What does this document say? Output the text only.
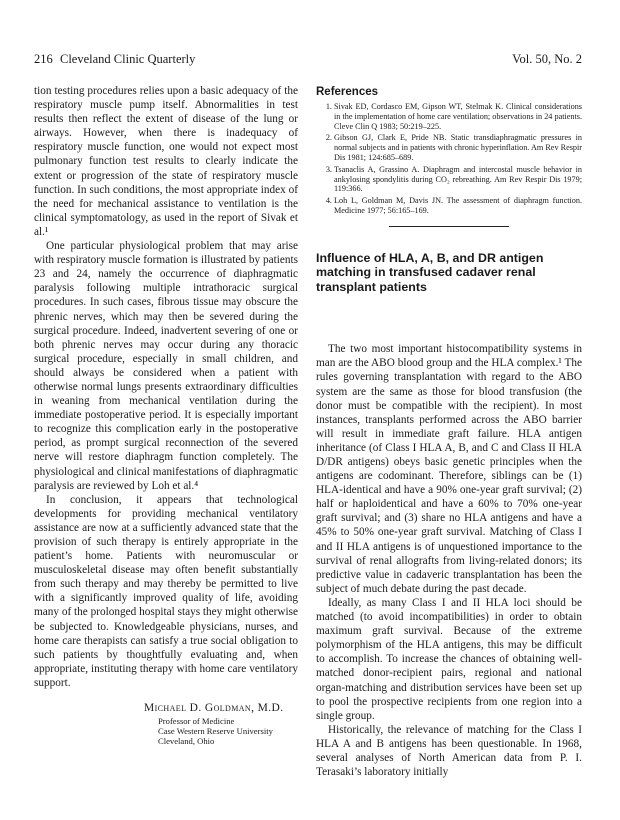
216 Cleveland Clinic Quarterly	Vol. 50, No. 2

tion testing procedures relies upon a basic adequacy of the respiratory muscle pump itself. Abnormalities in test results then reflect the extent of disease of the lung or airways. However, when there is inadequacy of respiratory muscle function, one would not expect most pulmonary function test results to clearly indicate the extent or progression of the state of respiratory muscle function. In such conditions, the most appropriate index of the need for mechanical assistance to ventilation is the clinical symptomatology, as used in the report of Sivak et al.¹

One particular physiological problem that may arise with respiratory muscle formation is illustrated by patients 23 and 24, namely the occurrence of diaphragmatic paralysis following multiple intrathoracic surgical procedures. In such cases, fibrous tissue may obscure the phrenic nerves, which may then be severed during the surgical procedure. Indeed, inadvertent severing of one or both phrenic nerves may occur during any thoracic surgical procedure, especially in small children, and should always be considered when a patient with otherwise normal lungs presents extraordinary difficulties in weaning from mechanical ventilation during the immediate postoperative period. It is especially important to recognize this complication early in the postoperative period, as prompt surgical reconnection of the severed nerve will restore diaphragm function completely. The physiological and clinical manifestations of diaphragmatic paralysis are reviewed by Loh et al.⁴

In conclusion, it appears that technological developments for providing mechanical ventilatory assistance are now at a sufficiently advanced state that the provision of such therapy is entirely appropriate in the patient’s home. Patients with neuromuscular or musculoskeletal disease may often benefit substantially from such therapy and may thereby be permitted to live with a significantly improved quality of life, avoiding many of the prolonged hospital stays they might otherwise be subjected to. Knowledgeable physicians, nurses, and home care therapists can satisfy a true social obligation to such patients by thoughtfully evaluating and, when appropriate, instituting therapy with home care ventilatory support.

Michael D. Goldman, M.D.
Professor of Medicine
Case Western Reserve University
Cleveland, Ohio
References
1. Sivak ED, Cordasco EM, Gipson WT, Stelmak K. Clinical considerations in the implementation of home care ventilation; observations in 24 patients. Cleve Clin Q 1983; 50:219–225.
2. Gibson GJ, Clark E, Pride NB. Static transdiaphragmatic pressures in normal subjects and in patients with chronic hyperinflation. Am Rev Respir Dis 1981; 124:685–689.
3. Tsanaclis A, Grassino A. Diaphragm and intercostal muscle behavior in ankylosing spondylitis during CO₂ rebreathing. Am Rev Respir Dis 1979; 119:366.
4. Loh L, Goldman M, Davis JN. The assessment of diaphragm function. Medicine 1977; 56:165–169.
Influence of HLA, A, B, and DR antigen matching in transfused cadaver renal transplant patients

The two most important histocompatibility systems in man are the ABO blood group and the HLA complex.¹ The rules governing transplantation with regard to the ABO system are the same as those for blood transfusion (the donor must be compatible with the recipient). In most instances, transplants performed across the ABO barrier will result in immediate graft failure. HLA antigen inheritance (of Class I HLA A, B, and C and Class II HLA D/DR antigens) obeys basic genetic principles when the antigens are codominant. Therefore, siblings can be (1) HLA-identical and have a 90% one-year graft survival; (2) half or haploidentical and have a 60% to 70% one-year graft survival; and (3) share no HLA antigens and have a 45% to 50% one-year graft survival. Matching of Class I and II HLA antigens is of unquestioned importance to the survival of renal allografts from living-related donors; its predictive value in cadaveric transplantation has been the subject of much debate during the past decade.

Ideally, as many Class I and II HLA loci should be matched (to avoid incompatibilities) in order to obtain maximum graft survival. Because of the extreme polymorphism of the HLA antigens, this may be difficult to accomplish. To increase the chances of obtaining well-matched donor-recipient pairs, regional and national organ-matching and distribution services have been set up to pool the prospective recipients from one region into a single group.

Historically, the relevance of matching for the Class I HLA A and B antigens has been questionable. In 1968, several analyses of North American data from P. I. Terasaki’s laboratory initially
